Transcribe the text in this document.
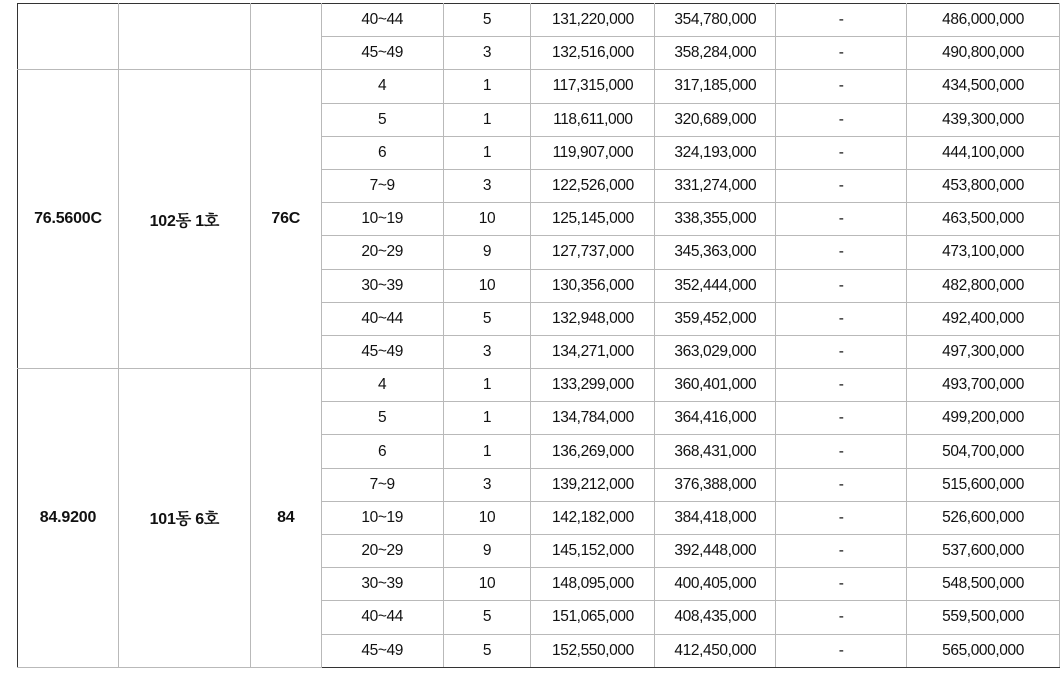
			40~44	5	131,220,000	354,780,000	-	486,000,000
			45~49	3	132,516,000	358,284,000	-	490,800,000
76.5600C	102동 1호	76C	4	1	117,315,000	317,185,000	-	434,500,000
			5	1	118,611,000	320,689,000	-	439,300,000
			6	1	119,907,000	324,193,000	-	444,100,000
			7~9	3	122,526,000	331,274,000	-	453,800,000
			10~19	10	125,145,000	338,355,000	-	463,500,000
			20~29	9	127,737,000	345,363,000	-	473,100,000
			30~39	10	130,356,000	352,444,000	-	482,800,000
			40~44	5	132,948,000	359,452,000	-	492,400,000
			45~49	3	134,271,000	363,029,000	-	497,300,000
84.9200	101동 6호	84	4	1	133,299,000	360,401,000	-	493,700,000
			5	1	134,784,000	364,416,000	-	499,200,000
			6	1	136,269,000	368,431,000	-	504,700,000
			7~9	3	139,212,000	376,388,000	-	515,600,000
			10~19	10	142,182,000	384,418,000	-	526,600,000
			20~29	9	145,152,000	392,448,000	-	537,600,000
			30~39	10	148,095,000	400,405,000	-	548,500,000
			40~44	5	151,065,000	408,435,000	-	559,500,000
			45~49	5	152,550,000	412,450,000	-	565,000,000
